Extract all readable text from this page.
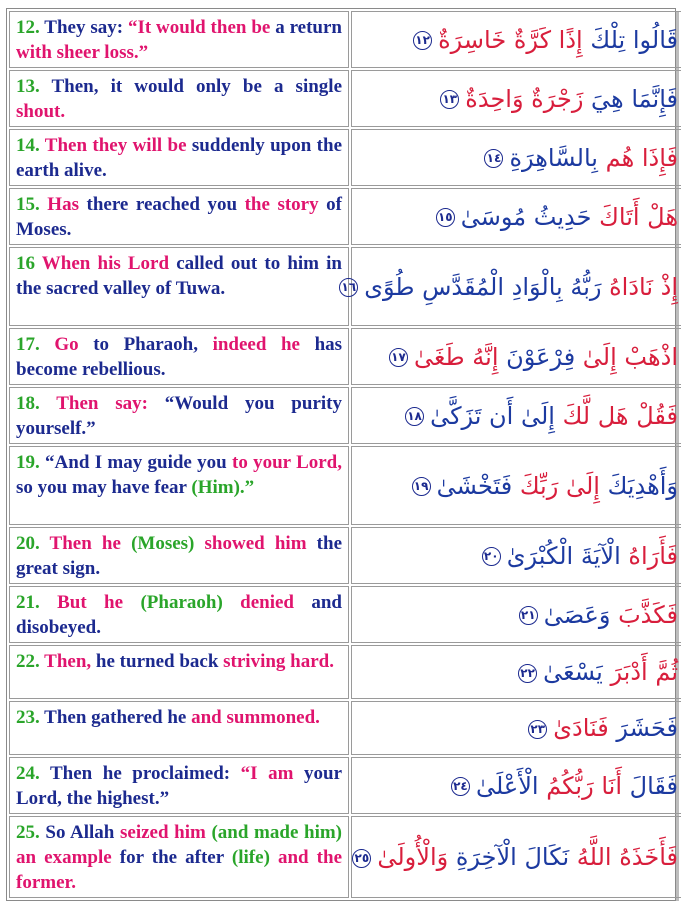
12. They say: “It would then be a return with sheer loss.”	قَالُوا تِلْكَ إِذًا كَرَّةٌ خَاسِرَةٌ١٢

13. Then, it would only be a single shout.	فَإِنَّمَا هِيَ زَجْرَةٌ وَاحِدَةٌ١٣

14. Then they will be suddenly upon the earth alive.	فَإِذَا هُم بِالسَّاهِرَةِ١٤

15. Has there reached you the story of Moses.	هَلْ أَتَاكَ حَدِيثُ مُوسَىٰ١٥

16 When his Lord called out to him in the sacred valley of Tuwa.	إِذْ نَادَاهُ رَبُّهُ بِالْوَادِ الْمُقَدَّسِ طُوًى١٦

17. Go to Pharaoh, indeed he has become rebellious.	اذْهَبْ إِلَىٰ فِرْعَوْنَ إِنَّهُ طَغَىٰ١٧

18. Then say: “Would you purity yourself.”	فَقُلْ هَل لَّكَ إِلَىٰ أَن تَزَكَّىٰ١٨

19. “And I may guide you to your Lord, so you may have fear (Him).”	وَأَهْدِيَكَ إِلَىٰ رَبِّكَ فَتَخْشَىٰ١٩

20. Then he (Moses) showed him the great sign.	فَأَرَاهُ الْآيَةَ الْكُبْرَىٰ٢٠

21. But he (Pharaoh) denied and disobeyed.	فَكَذَّبَ وَعَصَىٰ٢١

22. Then, he turned back striving hard.	ثُمَّ أَدْبَرَ يَسْعَىٰ٢٢

23. Then gathered he and summoned.	فَحَشَرَ فَنَادَىٰ٢٣

24. Then he proclaimed: “I am your Lord, the highest.”	فَقَالَ أَنَا رَبُّكُمُ الْأَعْلَىٰ٢٤

25. So Allah seized him (and made him) an example for the after (life) and the former.	فَأَخَذَهُ اللَّهُ نَكَالَ الْآخِرَةِ وَالْأُولَىٰ٢٥
